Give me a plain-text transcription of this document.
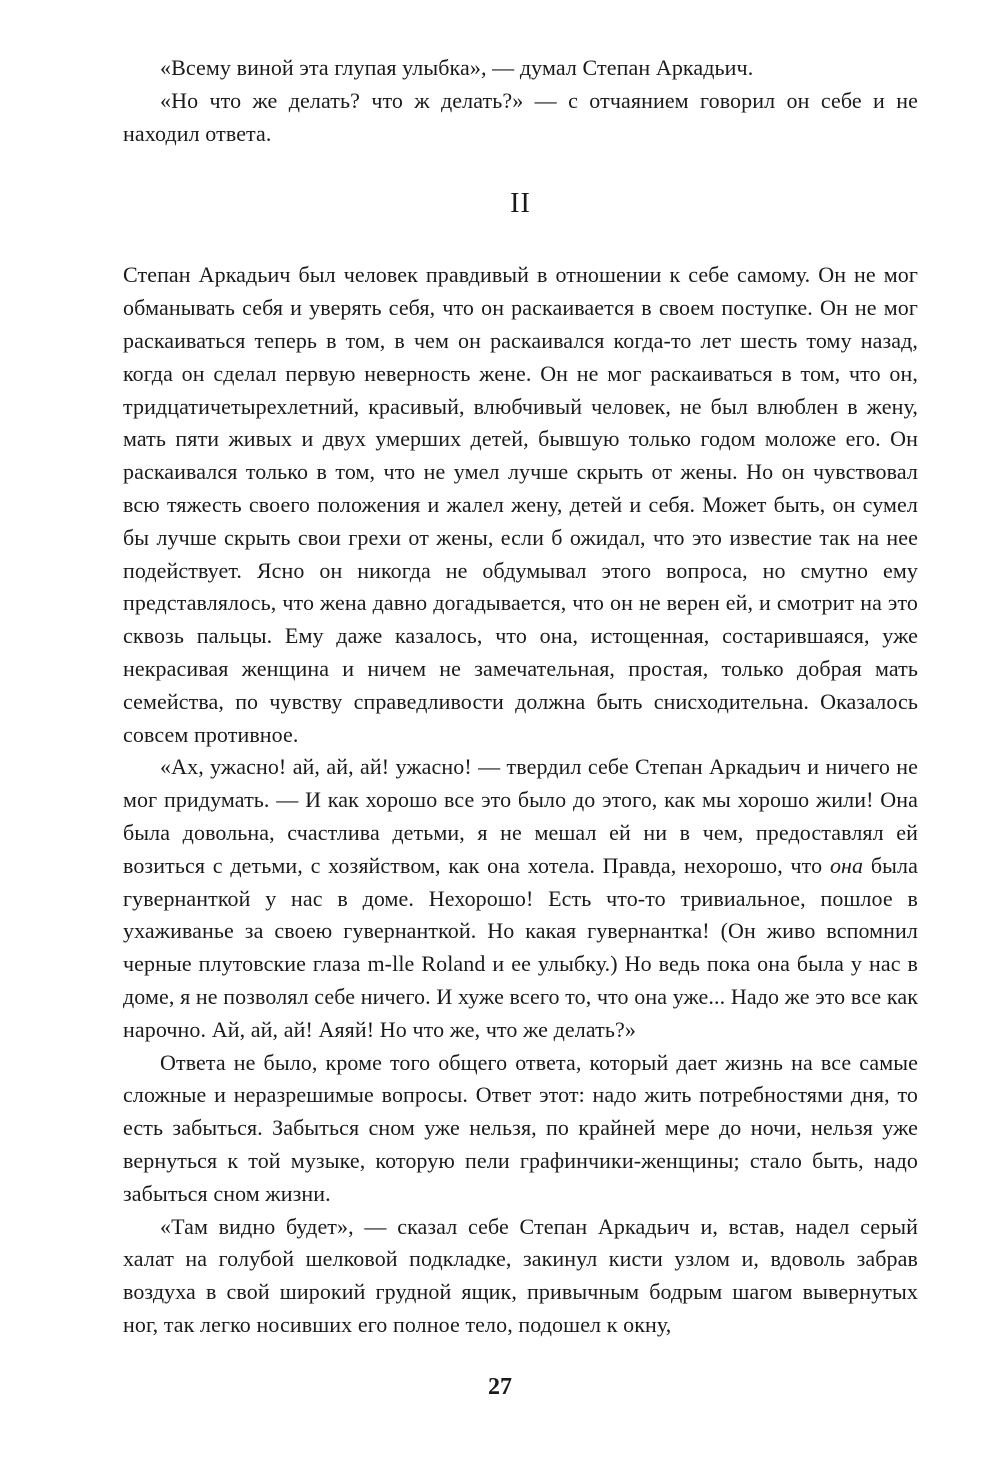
«Всему виной эта глупая улыбка», — думал Степан Аркадьич.

«Но что же делать? что ж делать?» — с отчаянием говорил он себе и не находил ответа.

II

Степан Аркадьич был человек правдивый в отношении к себе самому. Он не мог обманывать себя и уверять себя, что он раскаивается в своем поступке. Он не мог раскаиваться теперь в том, в чем он раскаивался когда-то лет шесть тому назад, когда он сделал первую неверность жене. Он не мог раскаиваться в том, что он, тридцатичетырехлетний, красивый, влюбчивый человек, не был влюблен в жену, мать пяти живых и двух умерших детей, бывшую только годом моложе его. Он раскаивался только в том, что не умел лучше скрыть от жены. Но он чувствовал всю тяжесть своего положения и жалел жену, детей и себя. Может быть, он сумел бы лучше скрыть свои грехи от жены, если б ожидал, что это известие так на нее подействует. Ясно он никогда не обдумывал этого вопроса, но смутно ему представлялось, что жена давно догадывается, что он не верен ей, и смотрит на это сквозь пальцы. Ему даже казалось, что она, истощенная, состарившаяся, уже некрасивая женщина и ничем не замечательная, простая, только добрая мать семейства, по чувству справедливости должна быть снисходительна. Оказалось совсем противное.

«Ах, ужасно! ай, ай, ай! ужасно! — твердил себе Степан Аркадьич и ничего не мог придумать. — И как хорошо все это было до этого, как мы хорошо жили! Она была довольна, счастлива детьми, я не мешал ей ни в чем, предоставлял ей возиться с детьми, с хозяйством, как она хотела. Правда, нехорошо, что она была гувернанткой у нас в доме. Нехорошо! Есть что-то тривиальное, пошлое в ухаживанье за своею гувернанткой. Но какая гувернантка! (Он живо вспомнил черные плутовские глаза m-lle Roland и ее улыбку.) Но ведь пока она была у нас в доме, я не позволял себе ничего. И хуже всего то, что она уже... Надо же это все как нарочно. Ай, ай, ай! Аяяй! Но что же, что же делать?»

Ответа не было, кроме того общего ответа, который дает жизнь на все самые сложные и неразрешимые вопросы. Ответ этот: надо жить потребностями дня, то есть забыться. Забыться сном уже нельзя, по крайней мере до ночи, нельзя уже вернуться к той музыке, которую пели графинчики-женщины; стало быть, надо забыться сном жизни.

«Там видно будет», — сказал себе Степан Аркадьич и, встав, надел серый халат на голубой шелковой подкладке, закинул кисти узлом и, вдоволь забрав воздуха в свой широкий грудной ящик, привычным бодрым шагом вывернутых ног, так легко носивших его полное тело, подошел к окну,

27
